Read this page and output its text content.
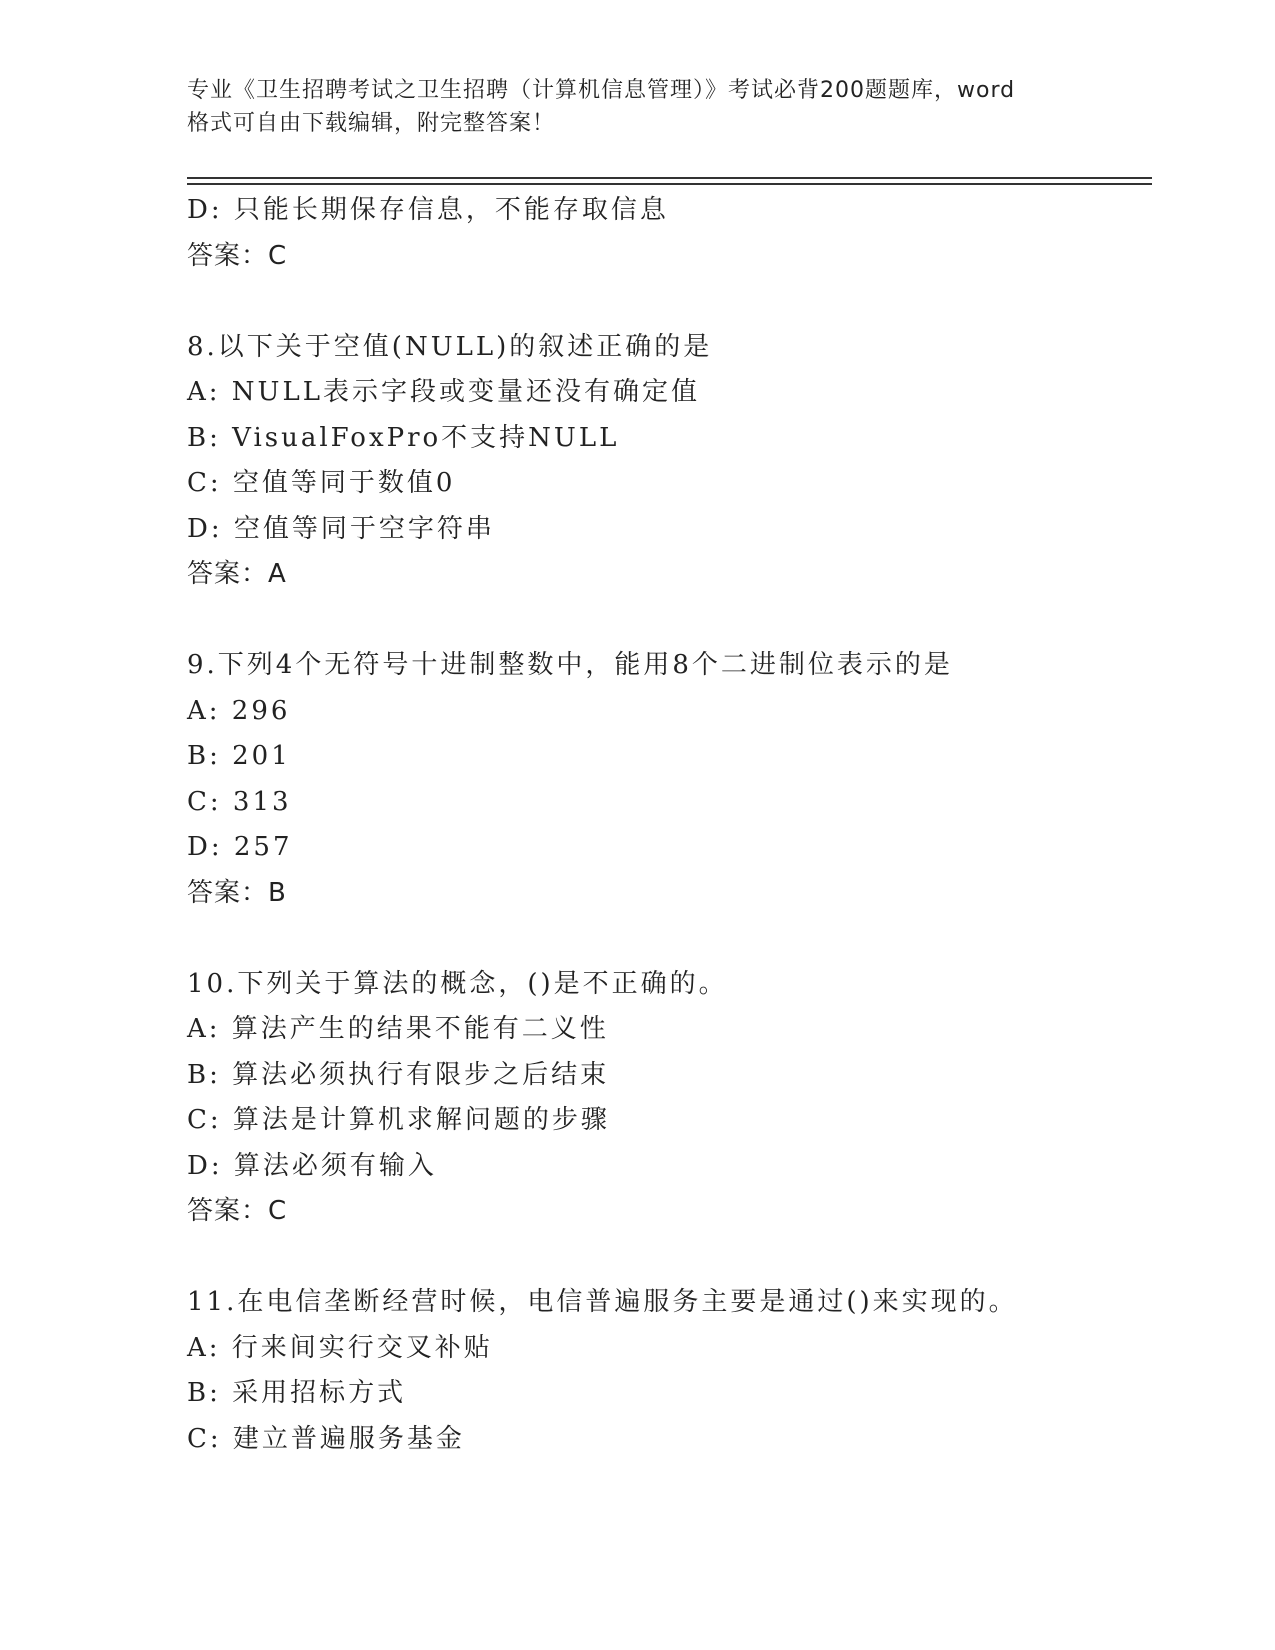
专业《卫生招聘考试之卫生招聘（计算机信息管理）》考试必背200题题库，word
格式可自由下载编辑，附完整答案！
D: 只能长期保存信息，不能存取信息
答案：C
8.以下关于空值(NULL)的叙述正确的是
A: NULL表示字段或变量还没有确定值
B: VisualFoxPro不支持NULL
C: 空值等同于数值0
D: 空值等同于空字符串
答案：A
9.下列4个无符号十进制整数中，能用8个二进制位表示的是
A: 296
B: 201
C: 313
D: 257
答案：B
10.下列关于算法的概念，()是不正确的。
A: 算法产生的结果不能有二义性
B: 算法必须执行有限步之后结束
C: 算法是计算机求解问题的步骤
D: 算法必须有输入
答案：C
11.在电信垄断经营时候，电信普遍服务主要是通过()来实现的。
A: 行来间实行交叉补贴
B: 采用招标方式
C: 建立普遍服务基金
